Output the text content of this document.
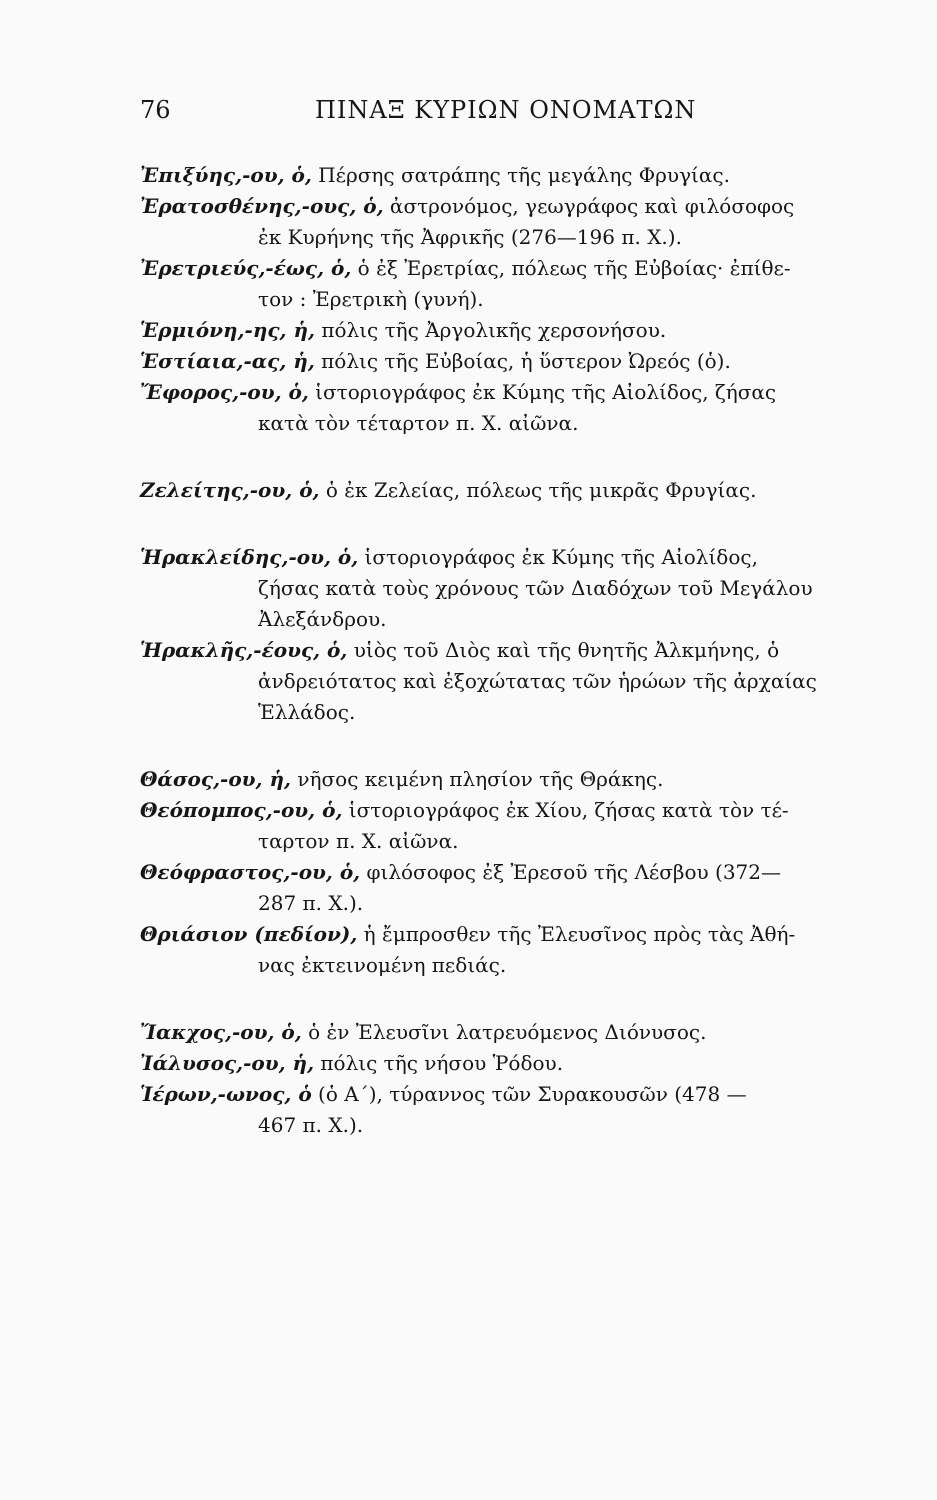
76	ΠΙΝΑΞ ΚΥΡΙΩΝ ΟΝΟΜΑΤΩΝ
Ἐπιξύης,-ου, ὁ, Πέρσης σατράπης τῆς μεγάλης Φρυγίας.
Ἐρατοσθένης,-ους, ὁ, ἀστρονόμος, γεωγράφος καὶ φιλόσοφος
ἐκ Κυρήνης τῆς Ἀφρικῆς (276—196 π. Χ.).
Ἐρετριεύς,-έως, ὁ, ὁ ἐξ Ἐρετρίας, πόλεως τῆς Εὐβοίας· ἐπίθε-
τον : Ἐρετρικὴ (γυνή).
Ἑρμιόνη,-ης, ἡ, πόλις τῆς Ἀργολικῆς χερσονήσου.
Ἑστίαια,-ας, ἡ, πόλις τῆς Εὐβοίας, ἡ ὕστερον Ὠρεός (ὁ).
Ἔφορος,-ου, ὁ, ἱστοριογράφος ἐκ Κύμης τῆς Αἰολίδος, ζήσας
κατὰ τὸν τέταρτον π. Χ. αἰῶνα.
Ζελείτης,-ου, ὁ, ὁ ἐκ Ζελείας, πόλεως τῆς μικρᾶς Φρυγίας.
Ἡρακλείδης,-ου, ὁ, ἱστοριογράφος ἐκ Κύμης τῆς Αἰολίδος,
ζήσας κατὰ τοὺς χρόνους τῶν Διαδόχων τοῦ Μεγάλου
Ἀλεξάνδρου.
Ἡρακλῆς,-έους, ὁ, υἱὸς τοῦ Διὸς καὶ τῆς θνητῆς Ἀλκμήνης, ὁ
ἀνδρειότατος καὶ ἐξοχώτατας τῶν ἡρώων τῆς ἀρχαίας
Ἑλλάδος.
Θάσος,-ου, ἡ, νῆσος κειμένη πλησίον τῆς Θράκης.
Θεόπομπος,-ου, ὁ, ἱστοριογράφος ἐκ Χίου, ζήσας κατὰ τὸν τέ-
ταρτον π. Χ. αἰῶνα.
Θεόφραστος,-ου, ὁ, φιλόσοφος ἐξ Ἐρεσοῦ τῆς Λέσβου (372—
287 π. Χ.).
Θριάσιον (πεδίον), ἡ ἔμπροσθεν τῆς Ἐλευσῖνος πρὸς τὰς Ἀθή-
νας ἐκτεινομένη πεδιάς.
Ἴακχος,-ου, ὁ, ὁ ἐν Ἐλευσῖνι λατρευόμενος Διόνυσος.
Ἰάλυσος,-ου, ἡ, πόλις τῆς νήσου Ῥόδου.
Ἱέρων,-ωνος, ὁ (ὁ Α΄), τύραννος τῶν Συρακουσῶν (478 —
467 π. Χ.).
